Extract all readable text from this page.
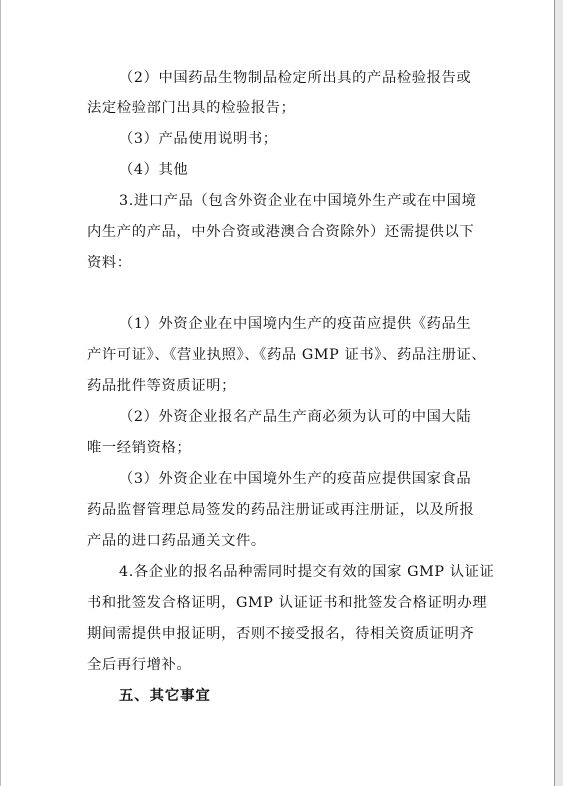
（2）中国药品生物制品检定所出具的产品检验报告或
法定检验部门出具的检验报告；
（3）产品使用说明书；
（4）其他
3.进口产品（包含外资企业在中国境外生产或在中国境
内生产的产品，中外合资或港澳合合资除外）还需提供以下
资料：
（1）外资企业在中国境内生产的疫苗应提供《药品生
产许可证》、《营业执照》、《药品 GMP 证书》、药品注册证、
药品批件等资质证明；
（2）外资企业报名产品生产商必须为认可的中国大陆
唯一经销资格；
（3）外资企业在中国境外生产的疫苗应提供国家食品
药品监督管理总局签发的药品注册证或再注册证，以及所报
产品的进口药品通关文件。
4.各企业的报名品种需同时提交有效的国家 GMP 认证证
书和批签发合格证明，GMP 认证证书和批签发合格证明办理
期间需提供申报证明，否则不接受报名，待相关资质证明齐
全后再行增补。
五、其它事宜
